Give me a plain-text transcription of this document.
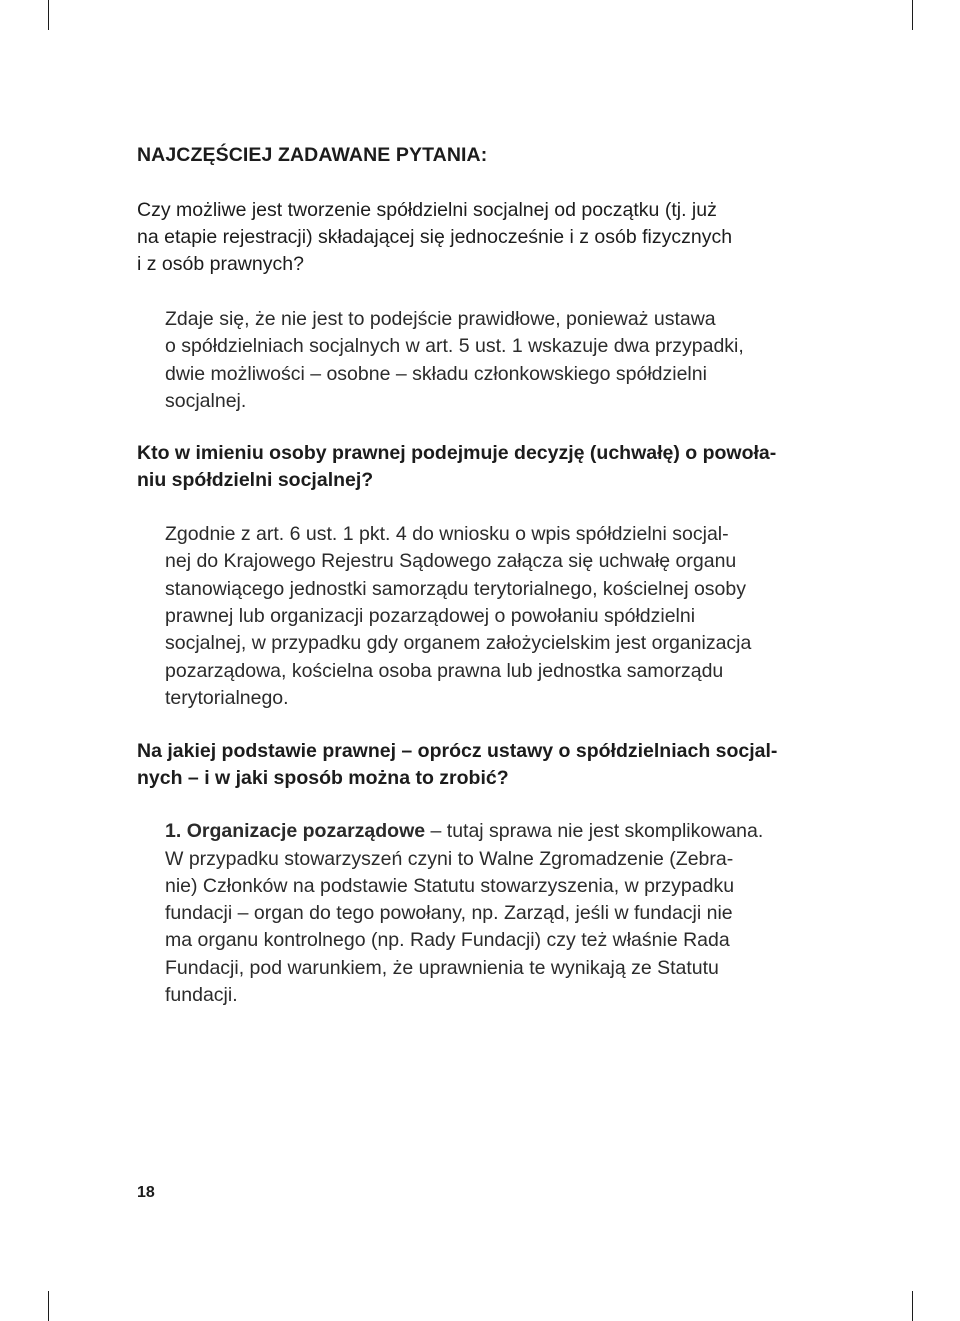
NAJCZĘŚCIEJ ZADAWANE PYTANIA:

Czy możliwe jest tworzenie spółdzielni socjalnej od początku (tj. już
na etapie rejestracji) składającej się jednocześnie i z osób fizycznych
i z osób prawnych?

Zdaje się, że nie jest to podejście prawidłowe, ponieważ ustawa
o spółdzielniach socjalnych w art. 5 ust. 1 wskazuje dwa przypadki,
dwie możliwości – osobne – składu członkowskiego spółdzielni
socjalnej.

Kto w imieniu osoby prawnej podejmuje decyzję (uchwałę) o powoła-
niu spółdzielni socjalnej?

Zgodnie z art. 6 ust. 1 pkt. 4 do wniosku o wpis spółdzielni socjal-
nej do Krajowego Rejestru Sądowego załącza się uchwałę organu
stanowiącego jednostki samorządu terytorialnego, kościelnej osoby
prawnej lub organizacji pozarządowej o powołaniu spółdzielni
socjalnej, w przypadku gdy organem założycielskim jest organizacja
pozarządowa, kościelna osoba prawna lub jednostka samorządu
terytorialnego.

Na jakiej podstawie prawnej – oprócz ustawy o spółdzielniach socjal-
nych – i w jaki sposób można to zrobić?

1. Organizacje pozarządowe – tutaj sprawa nie jest skomplikowana.
W przypadku stowarzyszeń czyni to Walne Zgromadzenie (Zebra-
nie) Członków na podstawie Statutu stowarzyszenia, w przypadku
fundacji – organ do tego powołany, np. Zarząd, jeśli w fundacji nie
ma organu kontrolnego (np. Rady Fundacji) czy też właśnie Rada
Fundacji, pod warunkiem, że uprawnienia te wynikają ze Statutu
fundacji.

18
